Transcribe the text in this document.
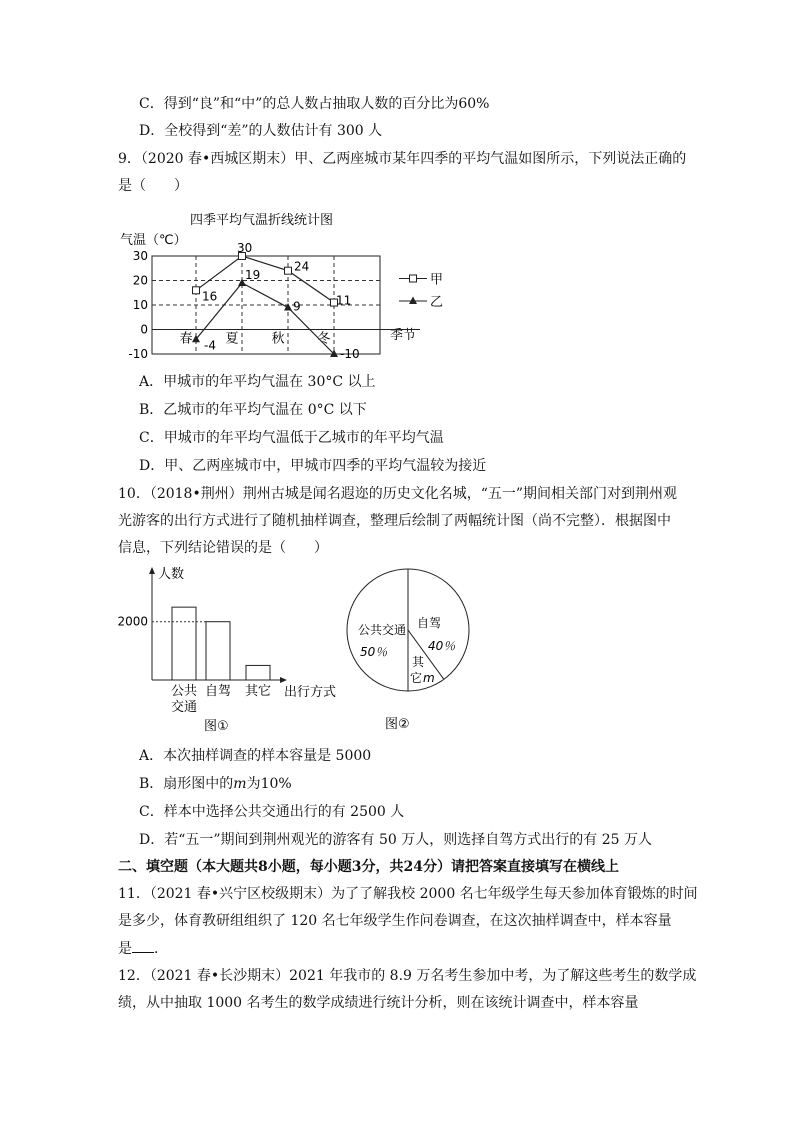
C．得到“良”和“中”的总人数占抽取人数的百分比为60%
D．全校得到“差”的人数估计有 300 人
9．（2020 春•西城区期末）甲、乙两座城市某年四季的平均气温如图所示，下列说法正确的
是（　　）
四季平均气温折线统计图
气温（℃）
季节
30
20
10
0
-10
春	夏	秋	冬
16
30
24
11
-4
19
9
-10
甲
乙
A．甲城市的年平均气温在 30°C 以上
B．乙城市的年平均气温在 0°C 以下
C．甲城市的年平均气温低于乙城市的年平均气温
D．甲、乙两座城市中，甲城市四季的平均气温较为接近
10．（2018•荆州）荆州古城是闻名遐迩的历史文化名城，“五一”期间相关部门对到荆州观
光游客的出行方式进行了随机抽样调查，整理后绘制了两幅统计图（尚不完整）．根据图中
信息，下列结论错误的是（　　）
人数
出行方式
图①
2000
公共
交通
自驾 其它
公共交通
50％
自驾
40％
其
它 m
图②
A．本次抽样调查的样本容量是 5000
B．扇形图中的m为10%
C．样本中选择公共交通出行的有 2500 人
D．若“五一”期间到荆州观光的游客有 50 万人，则选择自驾方式出行的有 25 万人
二、填空题（本大题共8小题，每小题3分，共24分）请把答案直接填写在横线上
11．（2021 春•兴宁区校级期末）为了了解我校 2000 名七年级学生每天参加体育锻炼的时间
是多少，体育教研组组织了 120 名七年级学生作问卷调查，在这次抽样调查中，样本容量
是 ．
12．（2021 春•长沙期末）2021 年我市的 8.9 万名考生参加中考，为了解这些考生的数学成
绩，从中抽取 1000 名考生的数学成绩进行统计分析，则在该统计调查中，样本容量
